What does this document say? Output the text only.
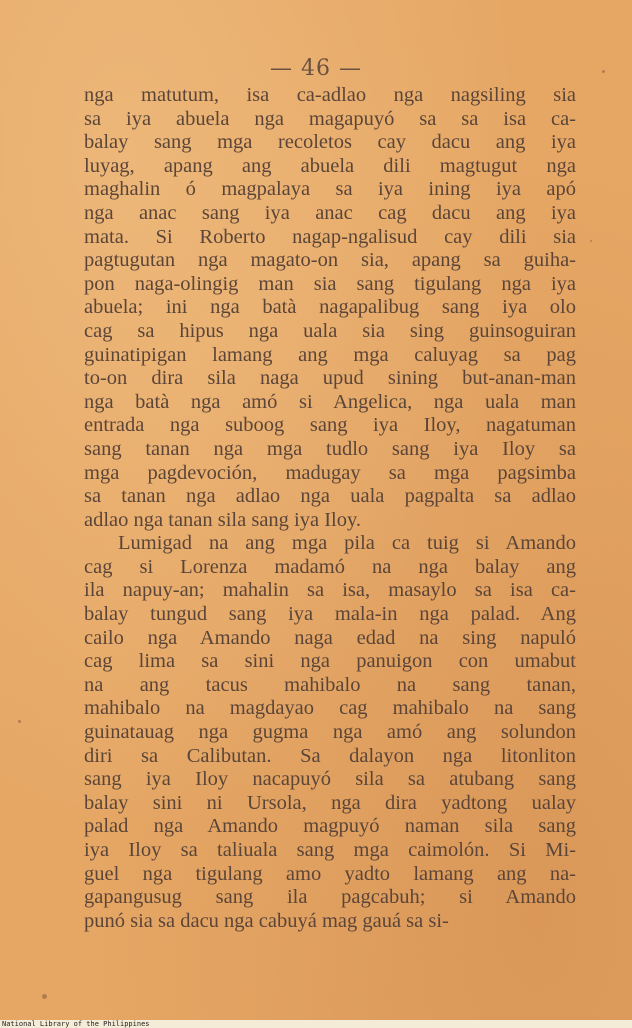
— 46 —
nga matutum, isa ca-adlao nga nagsiling sia
sa iya abuela nga magapuyó sa sa isa ca-
balay sang mga recoletos cay dacu ang iya
luyag, apang ang abuela dili magtugut nga
maghalin ó magpalaya sa iya ining iya apó
nga anac sang iya anac cag dacu ang iya
mata. Si Roberto nagap-ngalisud cay dili sia
pagtugutan nga magato-on sia, apang sa guiha-
pon naga-olingig man sia sang tigulang nga iya
abuela; ini nga batà nagapalibug sang iya olo
cag sa hipus nga uala sia sing guinsoguiran
guinatipigan lamang ang mga caluyag sa pag
to-on dira sila naga upud sining but-anan-man
nga batà nga amó si Angelica, nga uala man
entrada nga suboog sang iya Iloy, nagatuman
sang tanan nga mga tudlo sang iya Iloy sa
mga pagdevoción, madugay sa mga pagsimba
sa tanan nga adlao nga uala pagpalta sa adlao
adlao nga tanan sila sang iya Iloy.
Lumigad na ang mga pila ca tuig si Amando
cag si Lorenza madamó na nga balay ang
ila napuy-an; mahalin sa isa, masaylo sa isa ca-
balay tungud sang iya mala-in nga palad. Ang
cailo nga Amando naga edad na sing napuló
cag lima sa sini nga panuigon con umabut
na ang tacus mahibalo na sang tanan,
mahibalo na magdayao cag mahibalo na sang
guinatauag nga gugma nga amó ang solundon
diri sa Calibutan. Sa dalayon nga litonliton
sang iya Iloy nacapuyó sila sa atubang sang
balay sini ni Ursola, nga dira yadtong ualay
palad nga Amando magpuyó naman sila sang
iya Iloy sa taliuala sang mga caimolón. Si Mi-
guel nga tigulang amo yadto lamang ang na-
gapangusug sang ila pagcabuh; si Amando
punó sia sa dacu nga cabuyá mag gauá sa si-
National Library of the Philippines
